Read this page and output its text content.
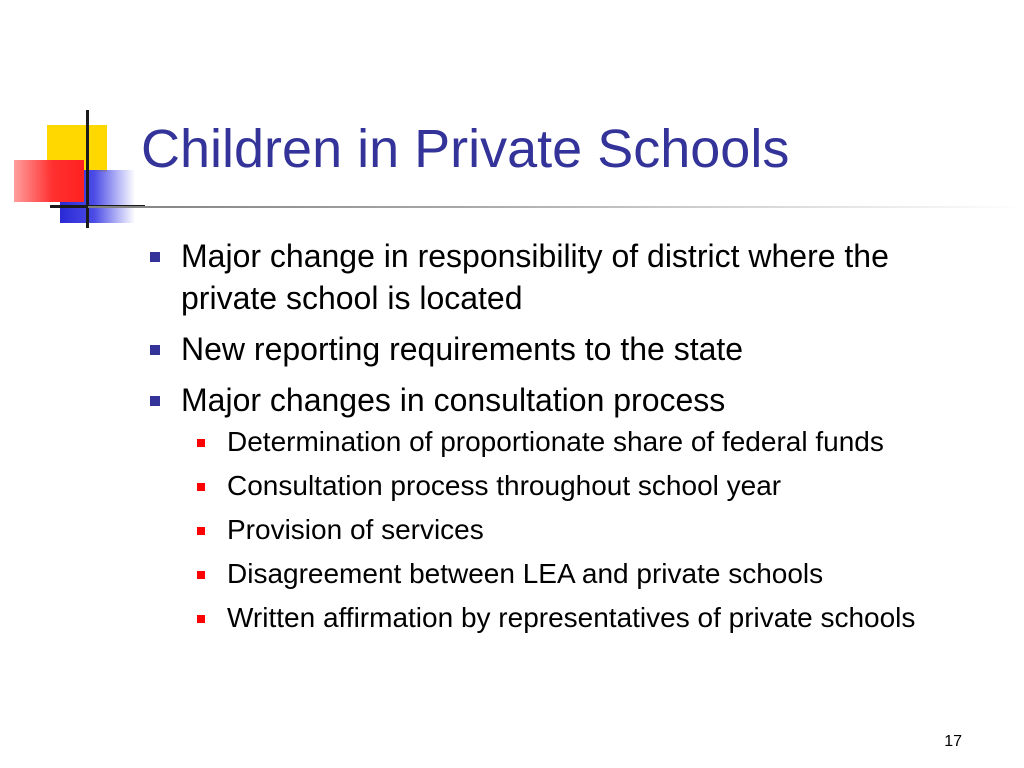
Children in Private Schools
Major change in responsibility of district where the private school is located
New reporting requirements to the state
Major changes in consultation process
Determination of proportionate share of federal funds
Consultation process throughout school year
Provision of services
Disagreement between LEA and private schools
Written affirmation by representatives of private schools
17
